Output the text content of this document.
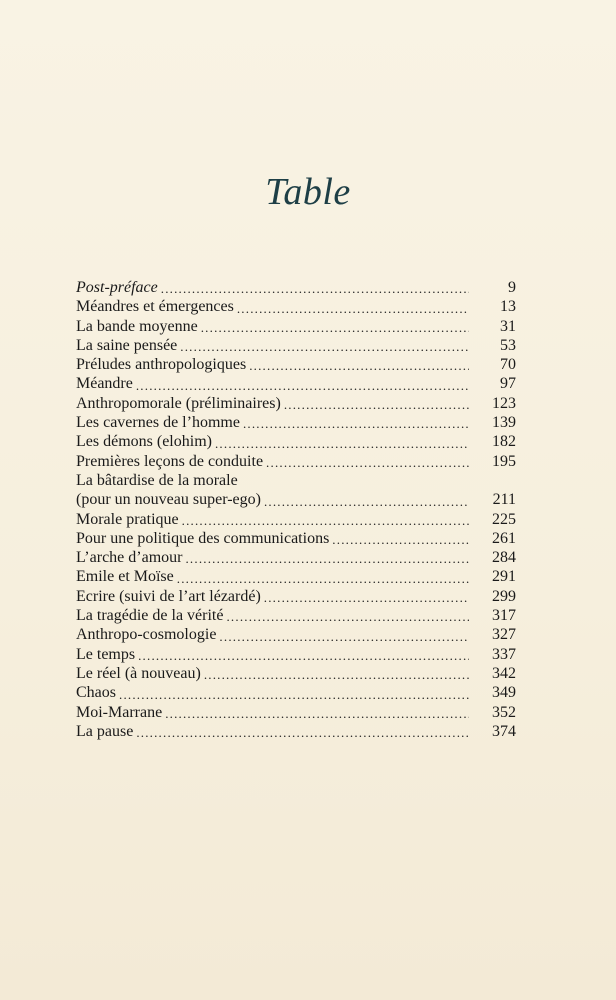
Table
Post-préface .....	9
Méandres et émergences .....	13
La bande moyenne .....	31
La saine pensée .....	53
Préludes anthropologiques .....	70
Méandre .....	97
Anthropomorale (préliminaires) .....	123
Les cavernes de l’homme .....	139
Les démons (elohim) .....	182
Premières leçons de conduite .....	195
La bâtardise de la morale
(pour un nouveau super-ego) .....	211
Morale pratique .....	225
Pour une politique des communications .....	261
L’arche d’amour .....	284
Emile et Moïse .....	291
Ecrire (suivi de l’art lézardé) .....	299
La tragédie de la vérité .....	317
Anthropo-cosmologie .....	327
Le temps .....	337
Le réel (à nouveau) .....	342
Chaos .....	349
Moi-Marrane .....	352
La pause .....	374
